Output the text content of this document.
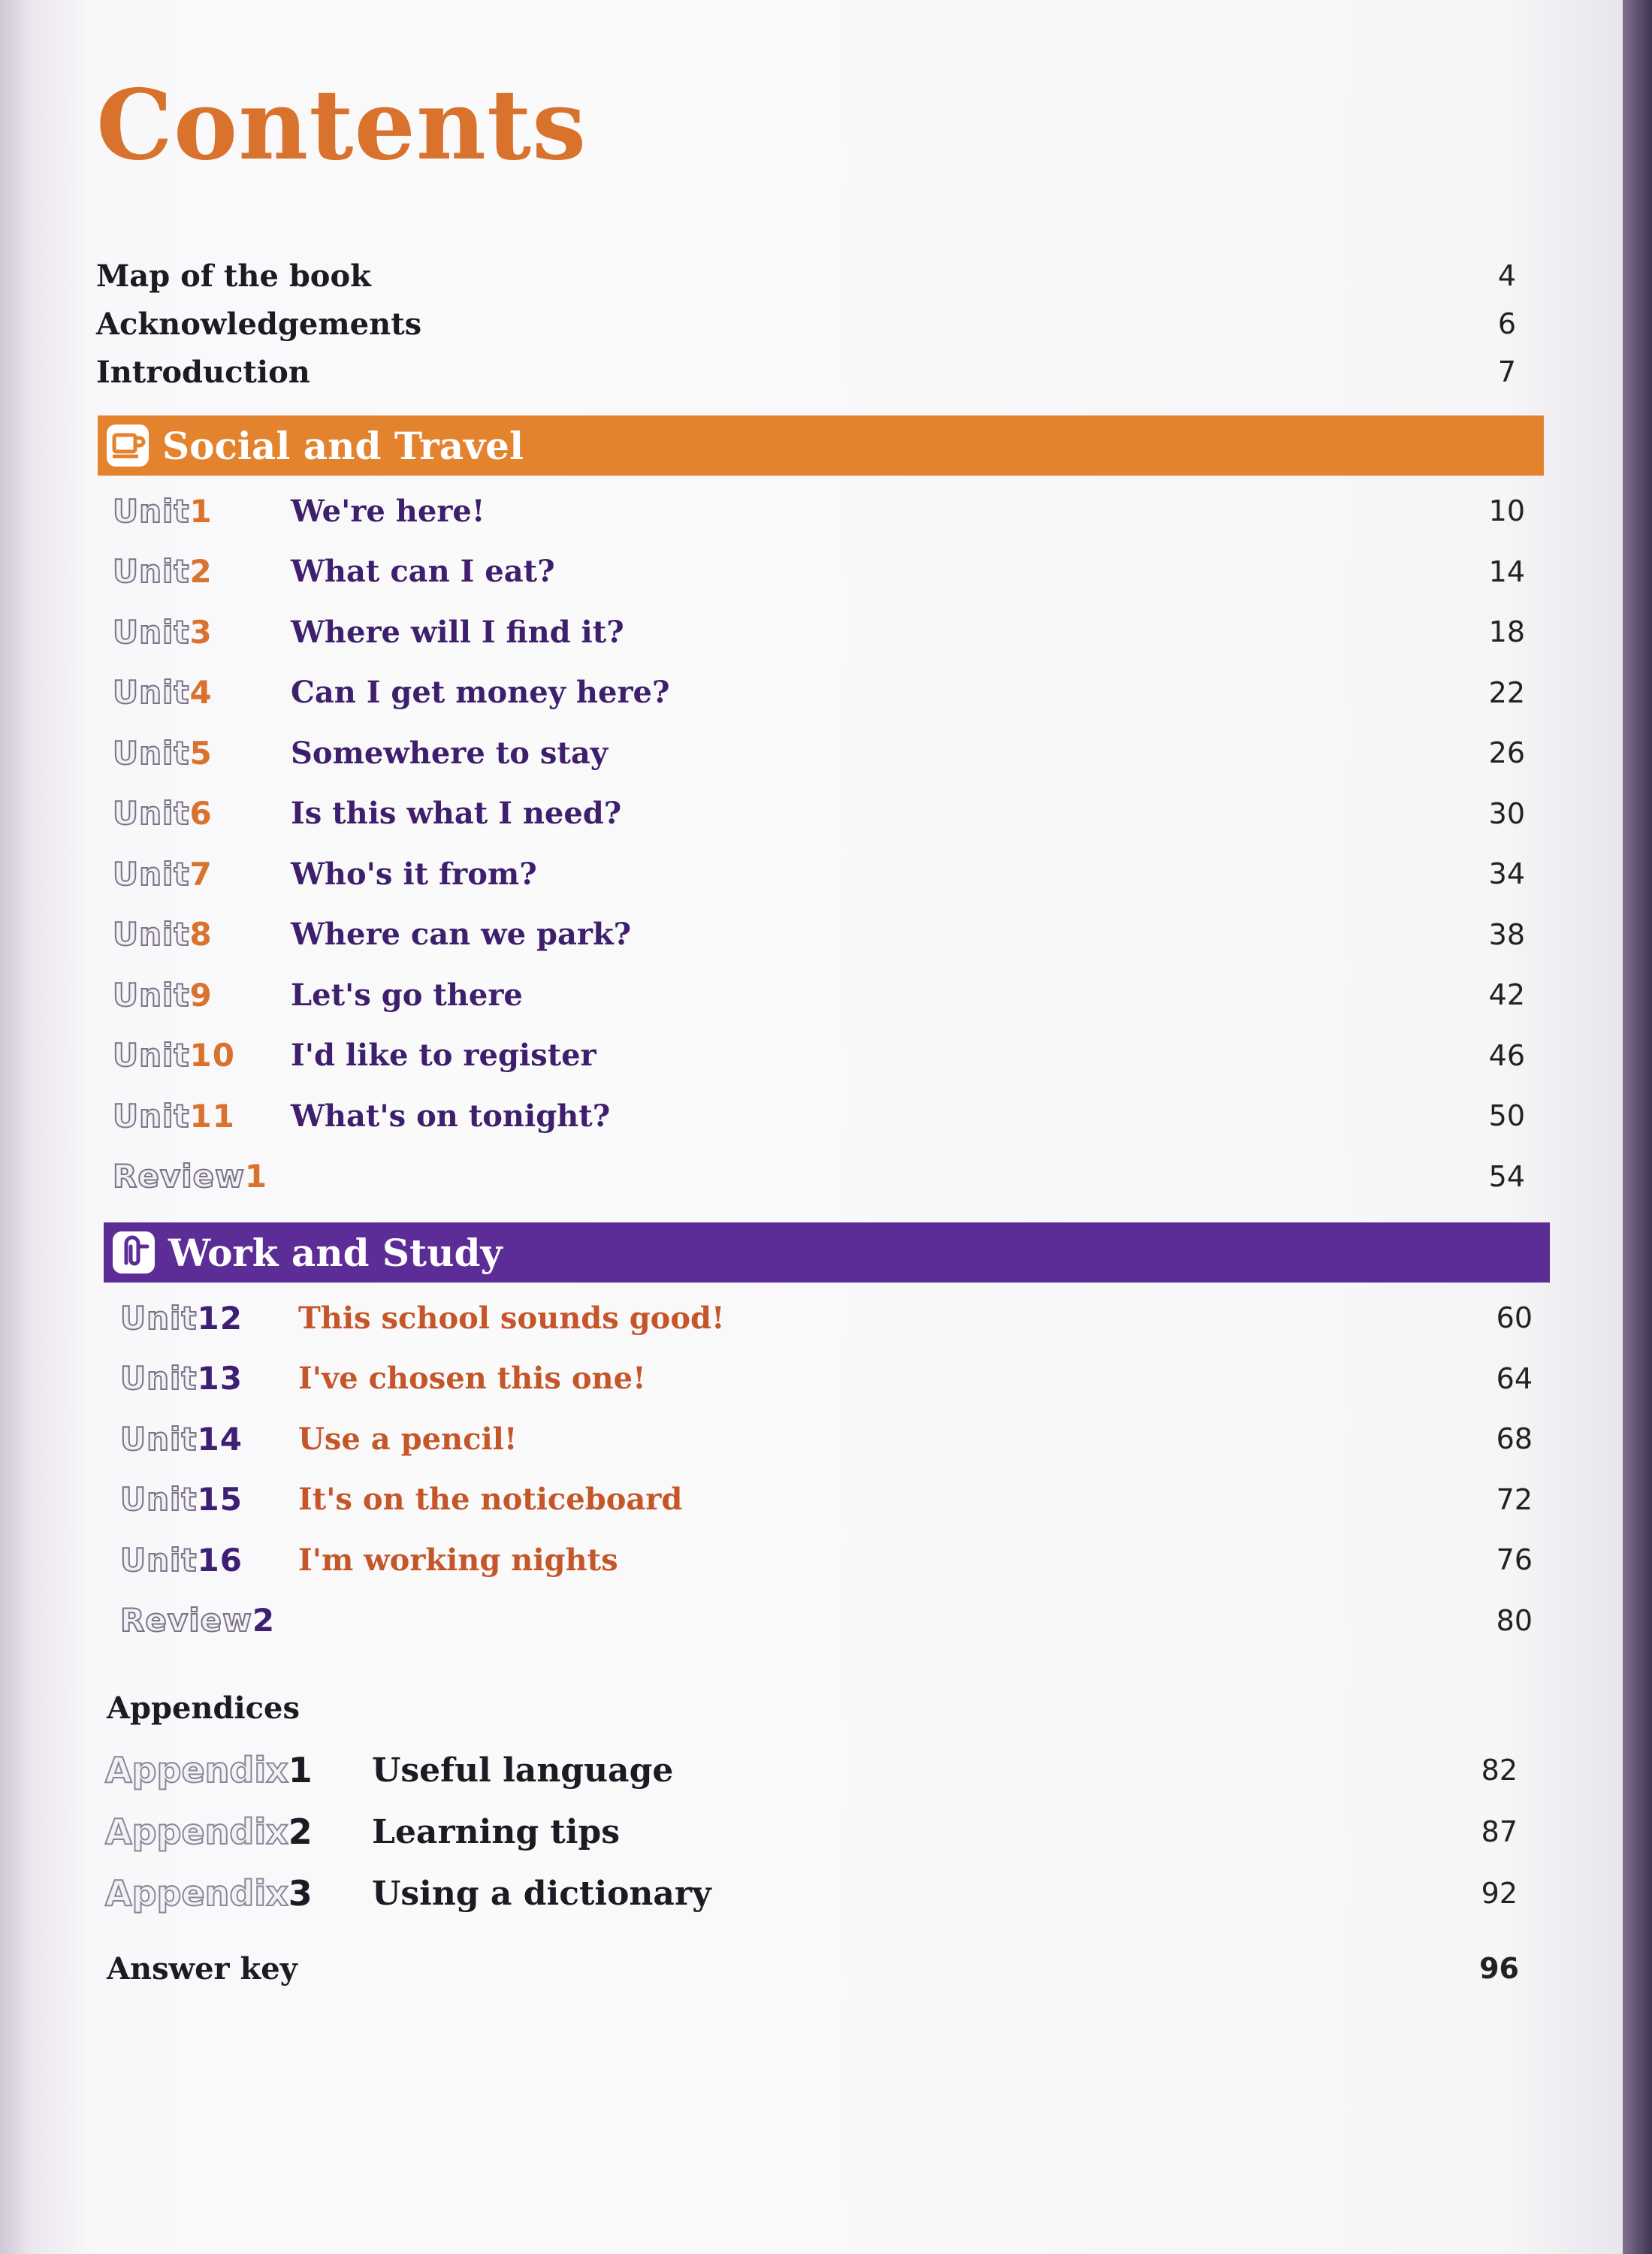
Contents
Map of the book	4
Acknowledgements	6
Introduction	7
Social and Travel
Unit1	We're here!	10
Unit2	What can I eat?	14
Unit3	Where will I find it?	18
Unit4	Can I get money here?	22
Unit5	Somewhere to stay	26
Unit6	Is this what I need?	30
Unit7	Who's it from?	34
Unit8	Where can we park?	38
Unit9	Let's go there	42
Unit10	I'd like to register	46
Unit11	What's on tonight?	50
Review1	54
Work and Study
Unit12	This school sounds good!	60
Unit13	I've chosen this one!	64
Unit14	Use a pencil!	68
Unit15	It's on the noticeboard	72
Unit16	I'm working nights	76
Review2	80
Appendices
Appendix1	Useful language	82
Appendix2	Learning tips	87
Appendix3	Using a dictionary	92
Answer key	96
